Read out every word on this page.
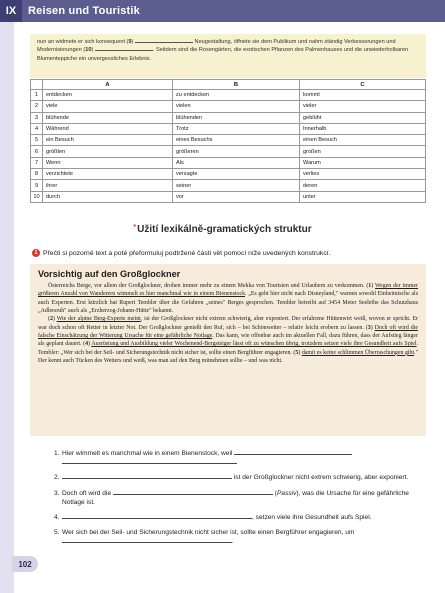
IX	Reisen und Touristik
nun an widmete er sich konsequent (9)	Neugestaltung, öffnete sie dem Publikum und nahm ständig Verbesserungen und Modernisierungen (10)	. Seitdem sind die Rosengärten, die exotischen Pflanzen des Palmenhauses und die unwiederholbaren Blumenteppiche ein unvergessliches Erlebnis.
	A	B	C
1	entdecken	zu entdecken	kommt
2	viele	vielen	vieler
3	blühende	blühenden	geblüht
4	Während	Trotz	Innerhalb
5	ein Besuch	eines Besuchs	einen Besuch
6	größten	größeren	großen
7	Wenn	Als	Warum
8	verzichtete	versagte	verlies
9	ihrer	seiner	deren
10	durch	vor	unter
*Užití lexikálně-gramatických struktur
1 Přečti si pozorně text a poté přeformuluj podtržené části vět pomocí níže uvedených konstrukcí.
Vorsichtig auf den Großglockner

Österreichs Berge, vor allem der Großglockner, drohen immer mehr zu einem Mekka von Touristen und Urlaubern zu verkommen. (1) Wegen der immer größeren Anzahl von Wanderern wimmelt es hier manchmal wie in einem Bienenstock. „Es geht hier nicht nach Disneyland," warnen sowohl Einheimische als auch Experten. Erst kürzlich hat Rupert Tembler über die Gefahren „seines" Berges gesprochen. Tembler betreibt auf 3454 Meter Seehöhe das Schutzhaus „Adlersruh" auch als „Erzherzog-Johann-Hütte" bekannt.

(2) Wie der alpine Berg-Experte meint, ist der Großglockner nicht extrem schwierig, aber exponiert. Der erfahrene Hüttenwirt weiß, wovon er spricht. Er war doch schon oft Retter in letzter Not. Der Großglockner genießt den Ruf, sich – bei Schönwetter – relativ leicht erobern zu lassen. (3) Doch oft wird die falsche Einschätzung der Witterung Ursache für eine gefährliche Notlage. Das kann, wie offenbar auch im aktuellen Fall, dazu führen, dass der Aufstieg länger als geplant dauert. (4) Ausrüstung und Ausbildung vieler Wochenend-Bergsteiger lässt oft zu wünschen übrig, trotzdem setzen viele ihre Gesundheit aufs Spiel. Tembler: „Wer sich bei der Seil- und Sicherungstechnik nicht sicher ist, sollte einen Bergführer engagieren. (5) damit es keine schlimmen Überraschungen gibt." Der kennt auch Tücken des Wetters und weiß, was man auf den Berg mitnehmen sollte – und was nicht.

1. Hier wimmelt es manchmal wie in einem Bienenstock, weil

2.	ist der Großglockner nicht extrem schwierig, aber exponiert.
3. Doch oft wird die	(Passiv), was die Ursache für eine gefährliche Notlage ist.
4.	, setzen viele ihre Gesundheit aufs Spiel.
5. Wer sich bei der Seil- und Sicherungstechnik nicht sicher ist, sollte einen Bergführer engagieren, um .
102
